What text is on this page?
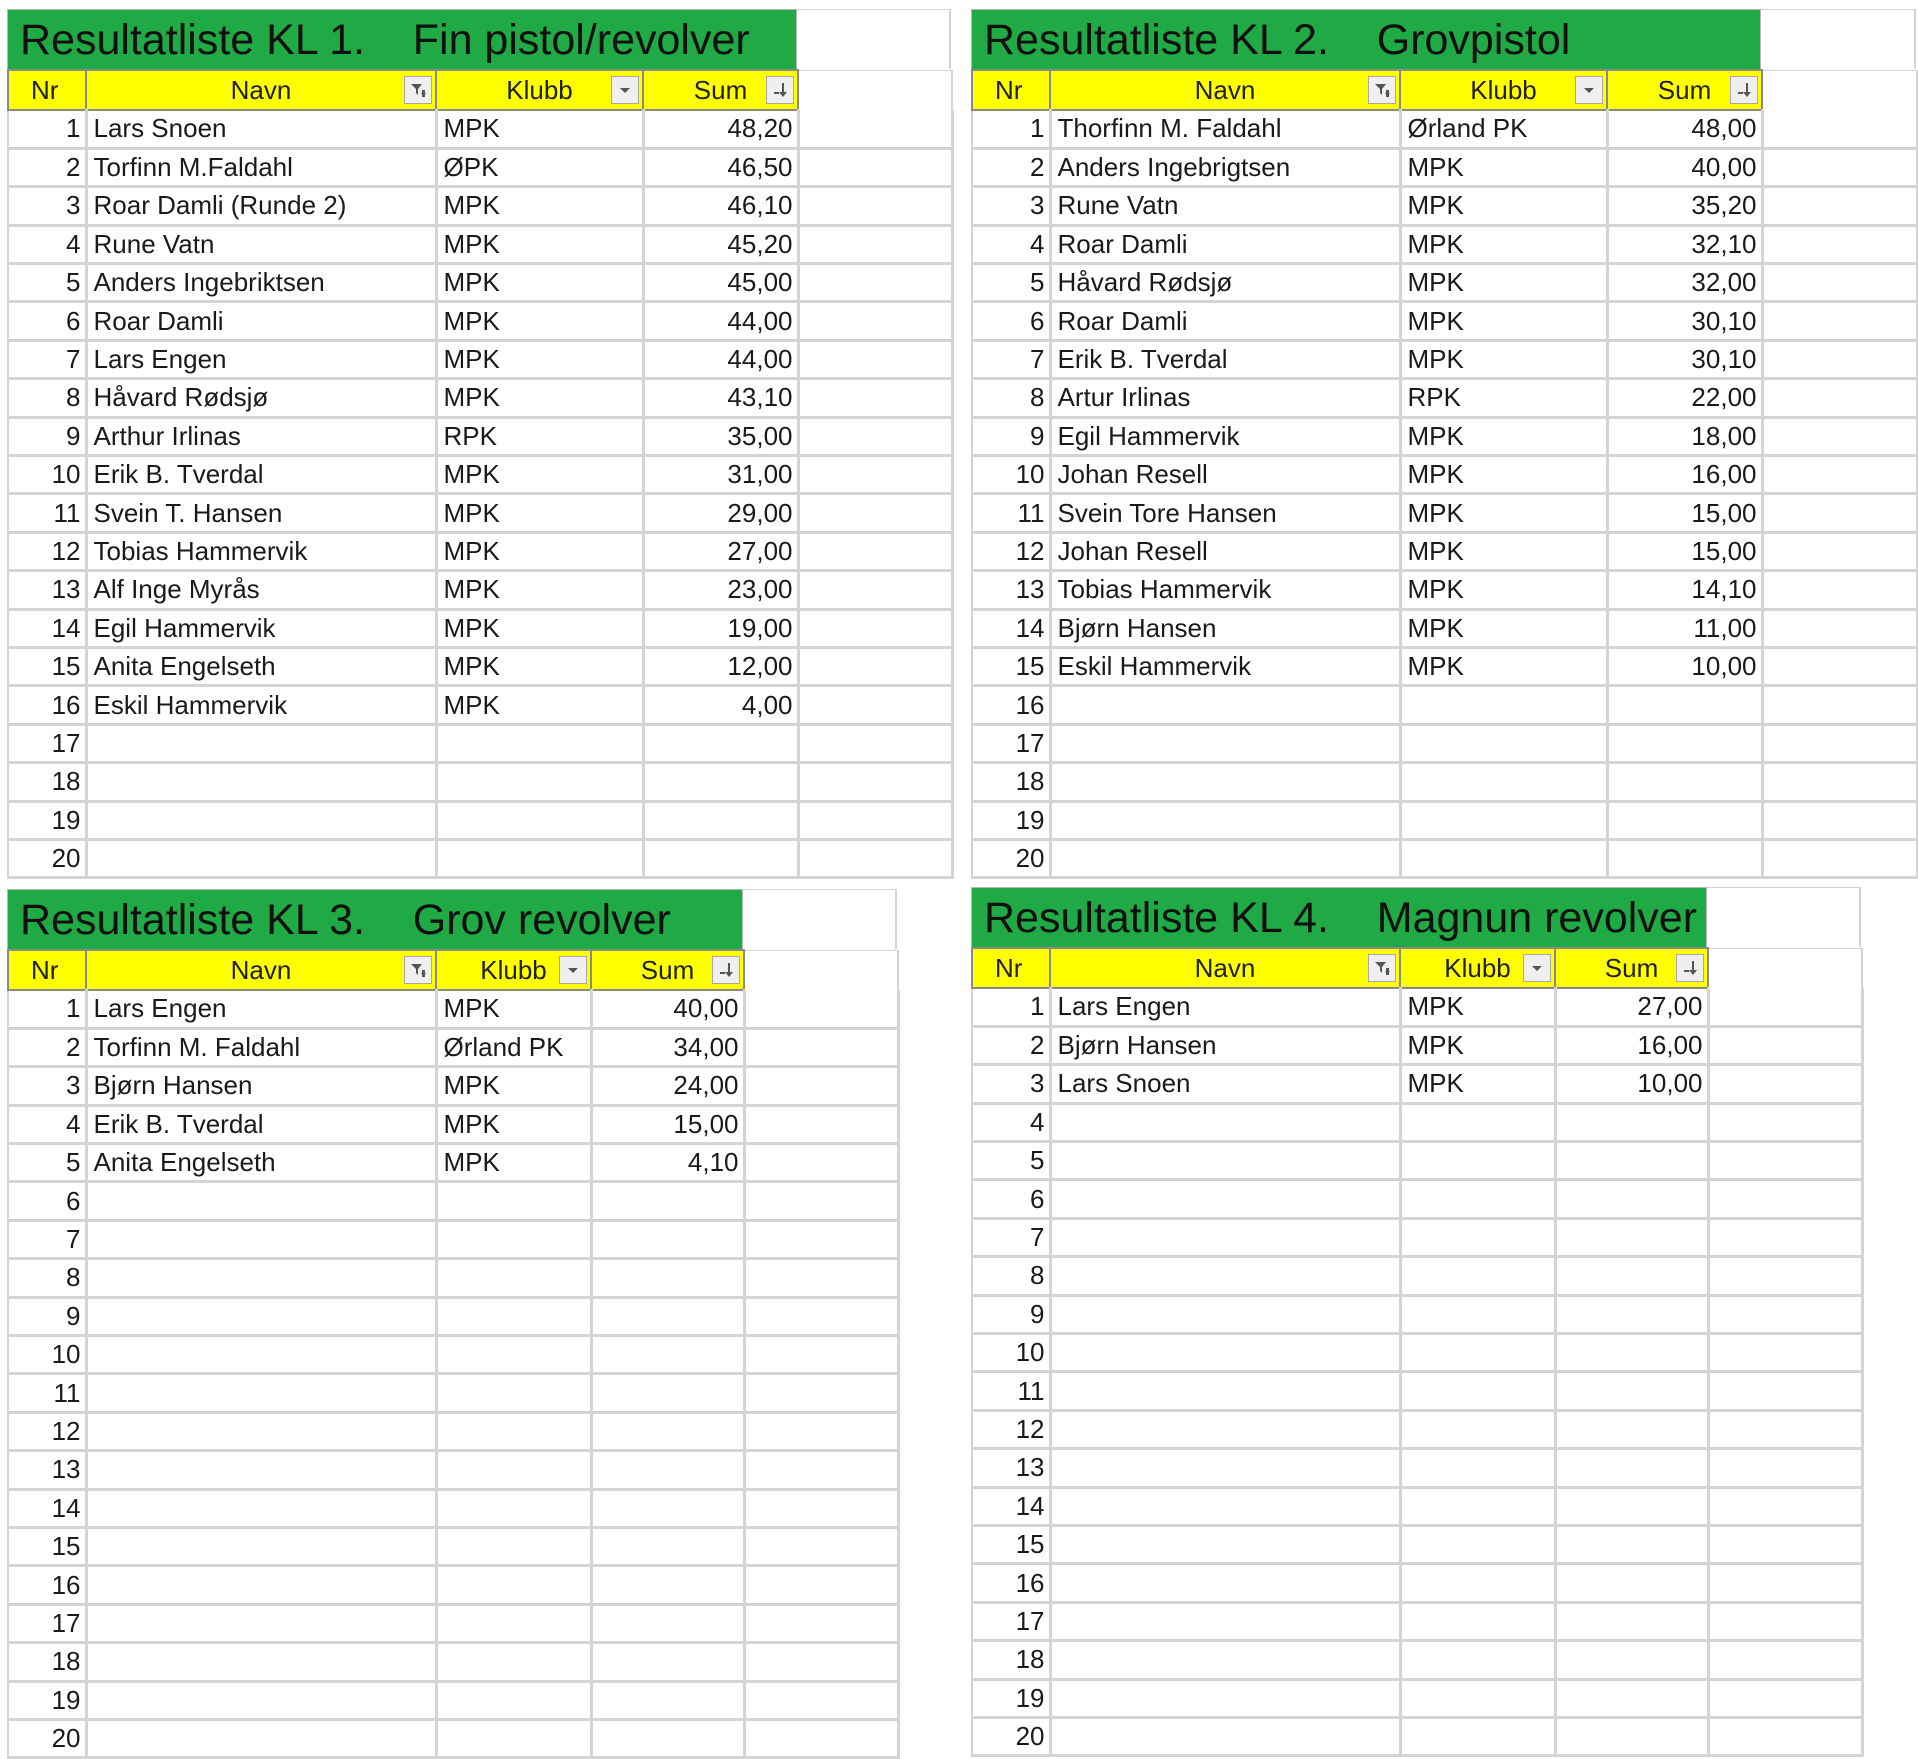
Resultatliste KL 1.    Fin pistol/revolver
Nr	Navn	Klubb	Sum

1	Lars Snoen	MPK	48,20	
2	Torfinn M.Faldahl	ØPK	46,50	
3	Roar Damli (Runde 2)	MPK	46,10	
4	Rune Vatn	MPK	45,20	
5	Anders Ingebriktsen	MPK	45,00	
6	Roar Damli	MPK	44,00	
7	Lars Engen	MPK	44,00	
8	Håvard Rødsjø	MPK	43,10	
9	Arthur Irlinas	RPK	35,00	
10	Erik B. Tverdal	MPK	31,00	
11	Svein T. Hansen	MPK	29,00	
12	Tobias Hammervik	MPK	27,00	
13	Alf Inge Myrås	MPK	23,00	
14	Egil Hammervik	MPK	19,00	
15	Anita Engelseth	MPK	12,00	
16	Eskil Hammervik	MPK	4,00	
17				
18				
19				
20				
Resultatliste KL 2.    Grovpistol
Nr	Navn	Klubb	Sum

1	Thorfinn M. Faldahl	Ørland PK	48,00	
2	Anders Ingebrigtsen	MPK	40,00	
3	Rune Vatn	MPK	35,20	
4	Roar Damli	MPK	32,10	
5	Håvard Rødsjø	MPK	32,00	
6	Roar Damli	MPK	30,10	
7	Erik B. Tverdal	MPK	30,10	
8	Artur Irlinas	RPK	22,00	
9	Egil Hammervik	MPK	18,00	
10	Johan Resell	MPK	16,00	
11	Svein Tore Hansen	MPK	15,00	
12	Johan Resell	MPK	15,00	
13	Tobias Hammervik	MPK	14,10	
14	Bjørn Hansen	MPK	11,00	
15	Eskil Hammervik	MPK	10,00	
16				
17				
18				
19				
20				
Resultatliste KL 3.    Grov revolver
Nr	Navn	Klubb	Sum

1	Lars Engen	MPK	40,00	
2	Torfinn M. Faldahl	Ørland PK	34,00	
3	Bjørn Hansen	MPK	24,00	
4	Erik B. Tverdal	MPK	15,00	
5	Anita Engelseth	MPK	4,10	
6				
7				
8				
9				
10				
11				
12				
13				
14				
15				
16				
17				
18				
19				
20				
Resultatliste KL 4.    Magnun revolver
Nr	Navn	Klubb	Sum

1	Lars Engen	MPK	27,00	
2	Bjørn Hansen	MPK	16,00	
3	Lars Snoen	MPK	10,00	
4				
5				
6				
7				
8				
9				
10				
11				
12				
13				
14				
15				
16				
17				
18				
19				
20				
